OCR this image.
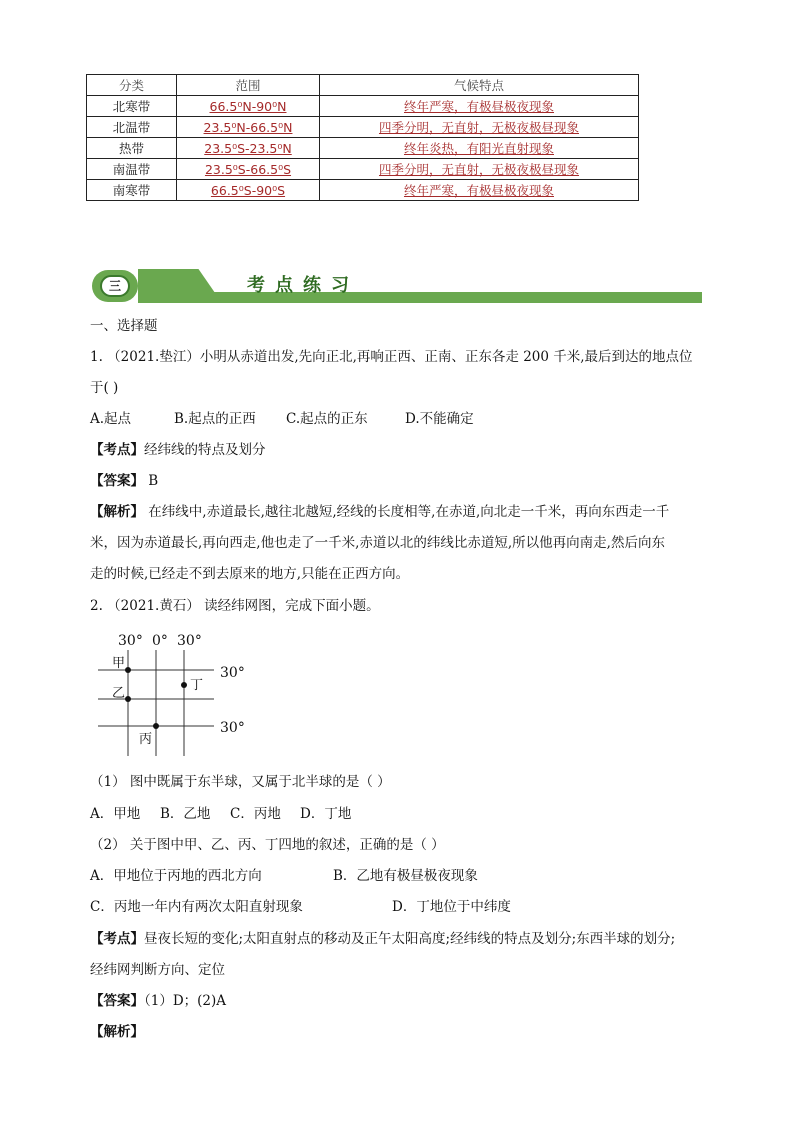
分类	范围	气候特点
北寒带	66.5⁰N-90⁰N	终年严寒，有极昼极夜现象
北温带	23.5⁰N-66.5⁰N	四季分明，无直射，无极夜极昼现象
热带	23.5⁰S-23.5⁰N	终年炎热，有阳光直射现象
南温带	23.5⁰S-66.5⁰S	四季分明，无直射，无极夜极昼现象
南寒带	66.5⁰S-90⁰S	终年严寒，有极昼极夜现象
三	考点练习
一、选择题
1. （2021.垫江）小明从赤道出发,先向正北,再响正西、正南、正东各走 200 千米,最后到达的地点位
于( )
A.起点	B.起点的正西 C.起点的正东	D.不能确定
【考点】经纬线的特点及划分
【答案】 B
【解析】 在纬线中,赤道最长,越往北越短,经线的长度相等,在赤道,向北走一千米，再向东西走一千
米，因为赤道最长,再向西走,他也走了一千米,赤道以北的纬线比赤道短,所以他再向南走,然后向东
走的时候,已经走不到去原来的地方,只能在正西方向。
2. （2021.黄石） 读经纬网图，完成下面小题。
30° 0° 30°
30°
30°
甲
乙
丙
丁
（1） 图中既属于东半球，又属于北半球的是（ ）
A．甲地 B．乙地 C．丙地 D．丁地
（2） 关于图中甲、乙、丙、丁四地的叙述，正确的是（ ）
A．甲地位于丙地的西北方向	B．乙地有极昼极夜现象
C．丙地一年内有两次太阳直射现象	D．丁地位于中纬度
【考点】昼夜长短的变化;太阳直射点的移动及正午太阳高度;经纬线的特点及划分;东西半球的划分;
经纬网判断方向、定位
【答案】（1）D；(2)A
【解析】
